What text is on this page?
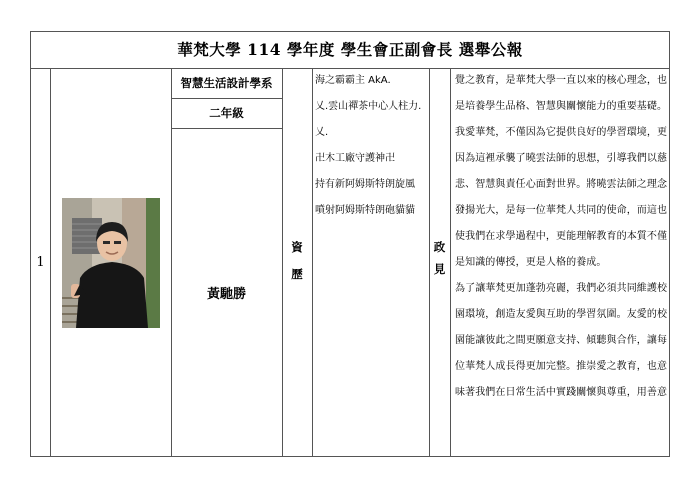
華梵大學 114 學年度 學生會正副會長 選舉公報
1
智慧生活設計學系
二年級
黃馳勝
資
歷
海之霸霸主 AkA.
乂.雲山禪茶中心人柱力.
乂.
卍木工廠守護神卍
持有新阿姆斯特朗旋風
噴射阿姆斯特朗砲貓貓
政
見
覺之教育，是華梵大學一直以來的核心理念，也
是培養學生品格、智慧與關懷能力的重要基礎。
我愛華梵，不僅因為它提供良好的學習環境，更
因為這裡承襲了曉雲法師的思想，引導我們以慈
悲、智慧與責任心面對世界。將曉雲法師之理念
發揚光大，是每一位華梵人共同的使命，而這也
使我們在求學過程中，更能理解教育的本質不僅
是知識的傳授，更是人格的養成。
為了讓華梵更加蓬勃亮麗，我們必須共同維護校
園環境，創造友愛與互助的學習氛圍。友愛的校
園能讓彼此之間更願意支持、傾聽與合作，讓每
位華梵人成長得更加完整。推崇愛之教育，也意
味著我們在日常生活中實踐關懷與尊重，用善意
